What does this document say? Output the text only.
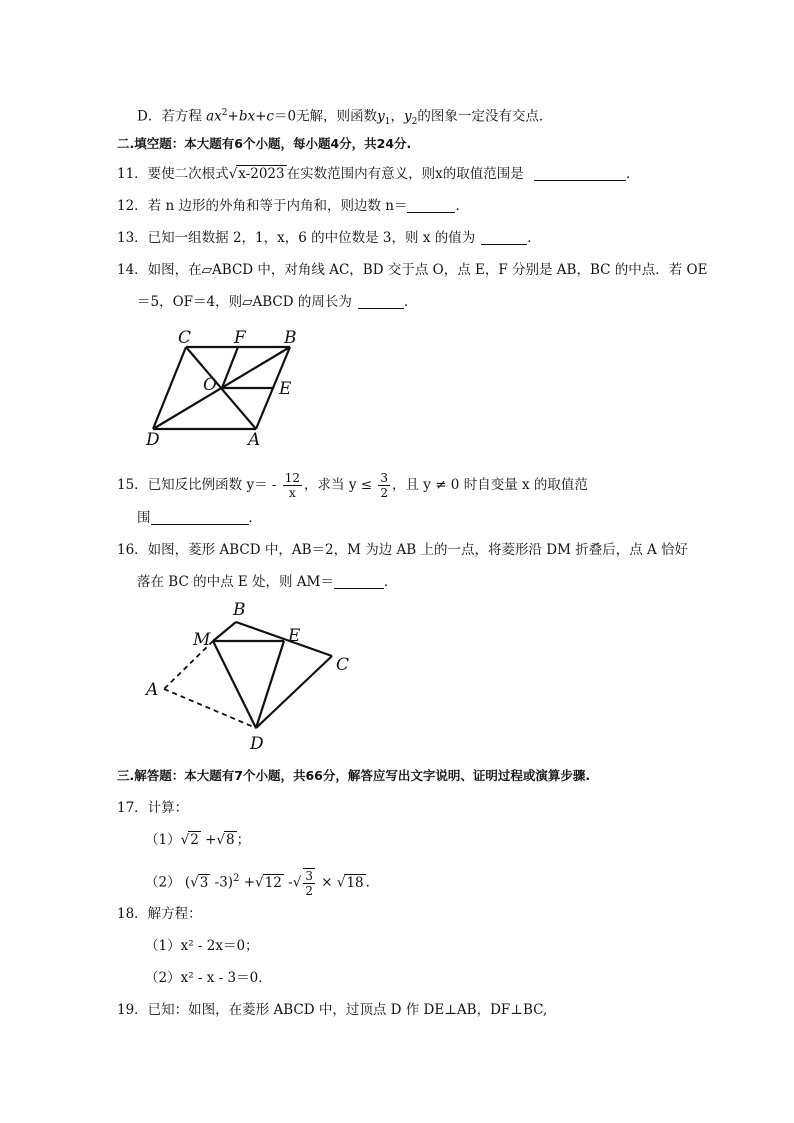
D．若方程 $ax^2+bx+c=0$无解，则函数$y_1$，$y_2$的图象一定没有交点．
二.填空题：本大题有6个小题，每小题4分，共24分.
11．要使二次根式√x-2023 在实数范围内有意义，则x的取值范围是	．
12．若 n 边形的外角和等于内角和，则边数 n＝	．
13．已知一组数据 2，1，x，6 的中位数是 3，则 x 的值为	．
14．如图，在▱ABCD 中，对角线 AC，BD 交于点 O，点 E，F 分别是 AB，BC 的中点．若 OE
＝5，OF＝4，则▱ABCD 的周长为	．
C	F B
O	E
D	A
15．已知反比例函数 $y= - \frac{12}{x}$ ，求当 $y \le \frac{3}{2}$ ，且 y ≠ 0 时自变量 x 的取值范
围	．
16．如图，菱形 ABCD 中，AB＝2，M 为边 AB 上的一点，将菱形沿 DM 折叠后，点 A 恰好
落在 BC 的中点 E 处，则 AM＝	．
B
M	E
C
A
D
三.解答题：本大题有7个小题，共66分，解答应写出文字说明、证明过程或演算步骤.
17．计算：
（1）√2 +√8 ；
（2） (√3 -3)$^2$ +√12 -√ $\frac{3}{2} \times √18$ ．
18．解方程：
（1）x² - 2x＝0；
（2）x² - x - 3＝0．
19．已知：如图，在菱形 ABCD 中，过顶点 D 作 DE⊥AB，DF⊥BC,
